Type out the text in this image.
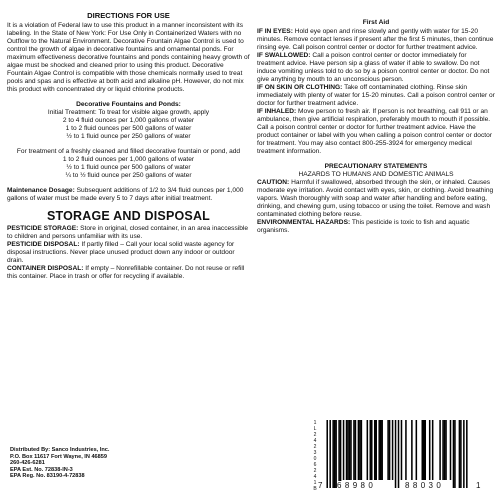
DIRECTIONS FOR USE
It is a violation of Federal law to use this product in a manner inconsistent with its labeling. In the State of New York: For Use Only in Containerized Waters with no Outflow to the Natural Environment. Decorative Fountain Algae Control is used to control the growth of algae in decorative fountains and ornamental ponds. For maximum effectiveness decorative fountains and ponds containing heavy growth of algae must be shocked and cleaned prior to using this product. Decorative Fountain Algae Control is compatible with those chemicals normally used to treat pools and spas and is effective at both acid and alkaline pH. However, do not mix this product with concentrated dry or liquid chlorine products.
Decorative Fountains and Ponds:
Initial Treatment: To treat for visible algae growth, apply
2 to 4 fluid ounces per 1,000 gallons of water
1 to 2 fluid ounces per 500 gallons of water
½ to 1 fluid ounce per 250 gallons of water
For treatment of a freshly cleaned and filled decorative fountain or pond, add
1 to 2 fluid ounces per 1,000 gallons of water
½ to 1 fluid ounce per 500 gallons of water
¼ to ½ fluid ounce per 250 gallons of water
Maintenance Dosage: Subsequent additions of 1/2 to 3/4 fluid ounces per 1,000 gallons of water must be made every 5 to 7 days after initial treatment.
STORAGE AND DISPOSAL
PESTICIDE STORAGE: Store in original, closed container, in an area inaccessible to children and persons unfamiliar with its use.
PESTICIDE DISPOSAL: If partly filled – Call your local solid waste agency for disposal instructions. Never place unused product down any indoor or outdoor drain.
CONTAINER DISPOSAL: If empty – Nonrefillable container. Do not reuse or refill this container. Place in trash or offer for recycling if available.
Distributed By: Sanco Industries, Inc.
P.O. Box 11617 Fort Wayne, IN 46859
260-426-6281
EPA Est. No. 72838-IN-3
EPA Reg. No. 83190-4-72838
First Aid
IF IN EYES: Hold eye open and rinse slowly and gently with water for 15-20 minutes. Remove contact lenses if present after the first 5 minutes, then continue rinsing eye. Call poison control center or doctor for further treatment advice.
IF SWALLOWED: Call a poison control center or doctor immediately for treatment advice. Have person sip a glass of water if able to swallow. Do not induce vomiting unless told to do so by a poison control center or doctor. Do not give anything by mouth to an unconscious person.
IF ON SKIN OR CLOTHING: Take off contaminated clothing. Rinse skin immediately with plenty of water for 15-20 minutes. Call a poison control center or doctor for further treatment advice.
IF INHALED: Move person to fresh air. If person is not breathing, call 911 or an ambulance, then give artificial respiration, preferably mouth to mouth if possible. Call a poison control center or doctor for further treatment advice. Have the product container or label with you when calling a poison control center or doctor for treatment. You may also contact 800-255-3924 for emergency medical treatment information.
PRECAUTIONARY STATEMENTS
HAZARDS TO HUMANS AND DOMESTIC ANIMALS
CAUTION: Harmful if swallowed, absorbed through the skin, or inhaled. Causes moderate eye irritation. Avoid contact with eyes, skin, or clothing. Avoid breathing vapors. Wash thoroughly with soap and water after handling and before eating, drinking, and chewing gum, using tobacco or using the toilet. Remove and wash contaminated clothing before reuse.
ENVIRONMENTAL HAZARDS: This pesticide is toxic to fish and aquatic organisms.
1
L
2
4
2
3
0
6
2
4
1
B 7 68980	88030	1
